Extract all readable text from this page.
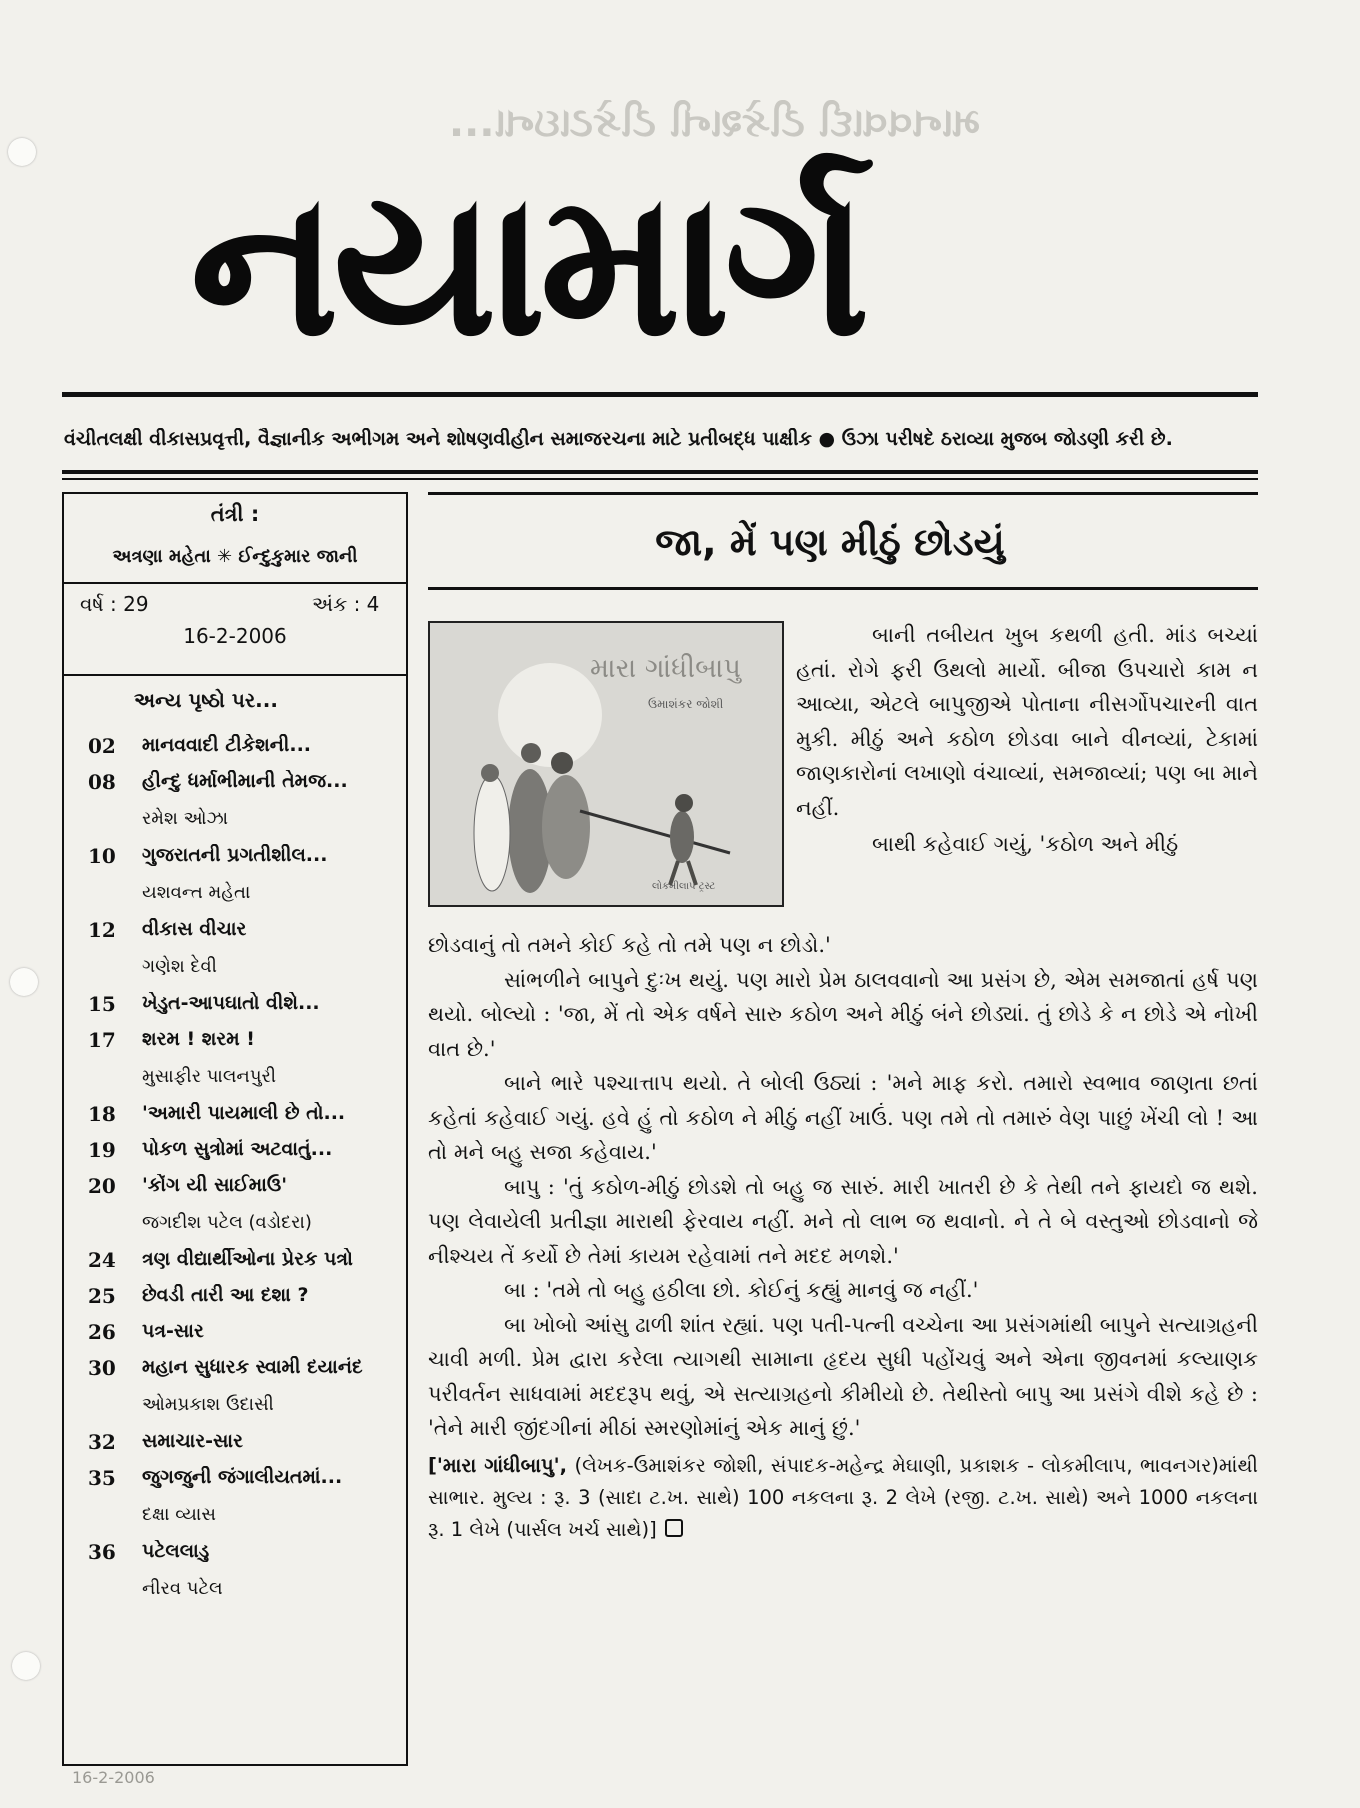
માનવવાદી ટીકેશની ટીકેટાઇના...
નયામાર્ગ
વંચીતલક્ષી વીકાસપ્રવૃત્તી, વૈજ્ઞાનીક અભીગમ અને શોષણવીહીન સમાજરચના માટે પ્રતીબદ્ધ પાક્ષીક ● ઉંઝા પરીષદે ઠરાવ્યા મુજબ જોડણી કરી છે.
તંત્રી :
અત્રણા મહેતા ✳ ઈન્દુકુમાર જાની
વર્ષ : 29	અંક : 4
16-2-2006
અન્ય પૃષ્ઠો પર...
02 માનવવાદી ટીકેશની...
08 હીન્દુ ધર્માભીમાની તેમજ...
રમેશ ઓઝા
10 ગુજરાતની પ્રગતીશીલ...
યશવન્ત મહેતા
12 વીકાસ વીચાર
ગણેશ દેવી
15 ખેડુત-આપઘાતો વીશે...
17 શરમ ! શરમ !
મુસાફીર પાલનપુરી
18 'અમારી પાયમાલી છે તો...
19 પોકળ સુત્રોમાં અટવાતું...
20 'કોંગ યી સાઈમાઉ'
જગદીશ પટેલ (વડોદરા)
24 ત્રણ વીદ્યાર્થીઓના પ્રેરક પત્રો
25 છેવડી તારી આ દશા ?
26 પત્ર-સાર
30 મહાન સુધારક સ્વામી દયાનંદ
ઓમપ્રકાશ ઉદાસી
32 સમાચાર-સાર
35 જુગજુની જંગાલીયતમાં...
દક્ષા વ્યાસ
36 પટેલલાડુ
નીરવ પટેલ
જા, મેં પણ મીઠું છોડયું
મારા ગાંધીબાપુ
ઉમાશંકર જોશી
લોકમીલાપ ટ્રસ્ટ

બાની તબીયત ખુબ કથળી હતી. માંડ બચ્યાં હતાં. રોગે ફરી ઉથલો માર્યો. બીજા ઉપચારો કામ ન આવ્યા, એટલે બાપુજીએ પોતાના નીસર્ગોપચારની વાત મુકી. મીઠું અને કઠોળ છોડવા બાને વીનવ્યાં, ટેકામાં જાણકારોનાં લખાણો વંચાવ્યાં, સમજાવ્યાં; પણ બા માને નહીં.

બાથી કહેવાઈ ગયું, 'કઠોળ અને મીઠું

છોડવાનું તો તમને કોઈ કહે તો તમે પણ ન છોડો.'

સાંભળીને બાપુને દુઃખ થયું. પણ મારો પ્રેમ ઠાલવવાનો આ પ્રસંગ છે, એમ સમજાતાં હર્ષ પણ થયો. બોલ્યો : 'જા, મેં તો એક વર્ષને સારુ કઠોળ અને મીઠું બંને છોડ્યાં. તું છોડે કે ન છોડે એ નોખી વાત છે.'

બાને ભારે પશ્ચાત્તાપ થયો. તે બોલી ઉઠ્યાં : 'મને માફ કરો. તમારો સ્વભાવ જાણતા છતાં કહેતાં કહેવાઈ ગયું. હવે હું તો કઠોળ ને મીઠું નહીં ખાઉં. પણ તમે તો તમારું વેણ પાછું ખેંચી લો ! આ તો મને બહુ સજા કહેવાય.'

બાપુ : 'તું કઠોળ-મીઠું છોડશે તો બહુ જ સારું. મારી ખાતરી છે કે તેથી તને ફાયદો જ થશે. પણ લેવાયેલી પ્રતીજ્ઞા મારાથી ફેરવાય નહીં. મને તો લાભ જ થવાનો. ને તે બે વસ્તુઓ છોડવાનો જે નીશ્ચય તેં કર્યો છે તેમાં કાયમ રહેવામાં તને મદદ મળશે.'

બા : 'તમે તો બહુ હઠીલા છો. કોઈનું કહ્યું માનવું જ નહીં.'

બા ખોબો આંસુ ઢાળી શાંત રહ્યાં. પણ પતી-પત્ની વચ્ચેના આ પ્રસંગમાંથી બાપુને સત્યાગ્રહની ચાવી મળી. પ્રેમ દ્વારા કરેલા ત્યાગથી સામાના હૃદય સુધી પહોંચવું અને એના જીવનમાં કલ્યાણક પરીવર્તન સાધવામાં મદદરૂપ થવું, એ સત્યાગ્રહનો કીમીયો છે. તેથીસ્તો બાપુ આ પ્રસંગે વીશે કહે છે : 'તેને મારી જીંદગીનાં મીઠાં સ્મરણોમાંનું એક માનું છું.'

['મારા ગાંધીબાપુ', (લેખક-ઉમાશંકર જોશી, સંપાદક-મહેન્દ્ર મેઘાણી, પ્રકાશક - લોકમીલાપ, ભાવનગર)માંથી સાભાર. મુલ્ય : રૂ. 3 (સાદા ટ.ખ. સાથે) 100 નકલના રૂ. 2 લેખે (રજી. ટ.ખ. સાથે) અને 1000 નકલના રૂ. 1 લેખે (પાર્સલ ખર્ચ સાથે)]

16-2-2006
